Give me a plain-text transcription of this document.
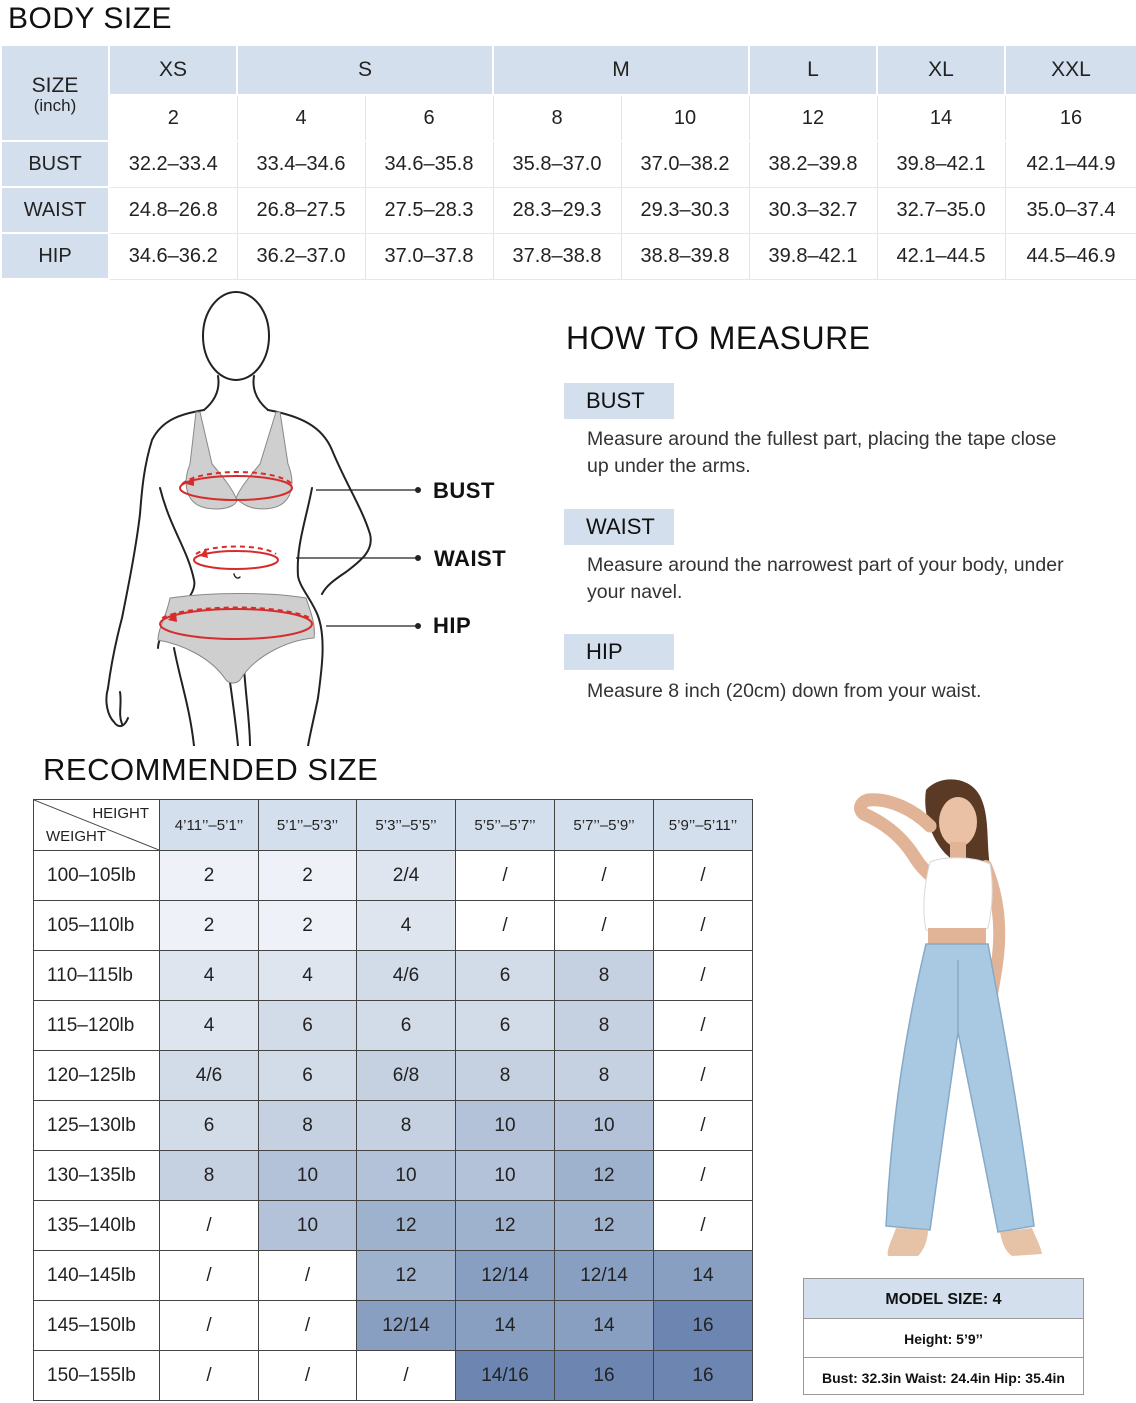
BODY SIZE
SIZE
(inch)	XS	S		M		L	XL	XXL
	2	4	6	8	10	12	14	16
BUST	32.2–33.4	33.4–34.6	34.6–35.8	35.8–37.0	37.0–38.2	38.2–39.8	39.8–42.1	42.1–44.9
WAIST	24.8–26.8	26.8–27.5	27.5–28.3	28.3–29.3	29.3–30.3	30.3–32.7	32.7–35.0	35.0–37.4
HIP	34.6–36.2	36.2–37.0	37.0–37.8	37.8–38.8	38.8–39.8	39.8–42.1	42.1–44.5	44.5–46.9
BUST
WAIST
HIP
HOW TO MEASURE
BUST
Measure around the fullest part, placing the tape close up under the arms.
WAIST
Measure around the narrowest part of your body, under your navel.
HIP
Measure 8 inch (20cm) down from your waist.
RECOMMENDED SIZE
HEIGHT
WEIGHT	4’11’’–5’1’’	5’1’’–5’3’’	5’3’’–5’5’’	5’5’’–5’7’’	5’7’’–5’9’’	5’9’’–5’11’’
100–105lb	2	2	2/4	/	/	/
105–110lb	2	2	4	/	/	/
110–115lb	4	4	4/6	6	8	/
115–120lb	4	6	6	6	8	/
120–125lb	4/6	6	6/8	8	8	/
125–130lb	6	8	8	10	10	/
130–135lb	8	10	10	10	12	/
135–140lb	/	10	12	12	12	/
140–145lb	/	/	12	12/14	12/14	14
145–150lb	/	/	12/14	14	14	16
150–155lb	/	/	/	14/16	16	16
MODEL SIZE: 4
Height: 5’9’’
Bust: 32.3in Waist: 24.4in Hip: 35.4in
